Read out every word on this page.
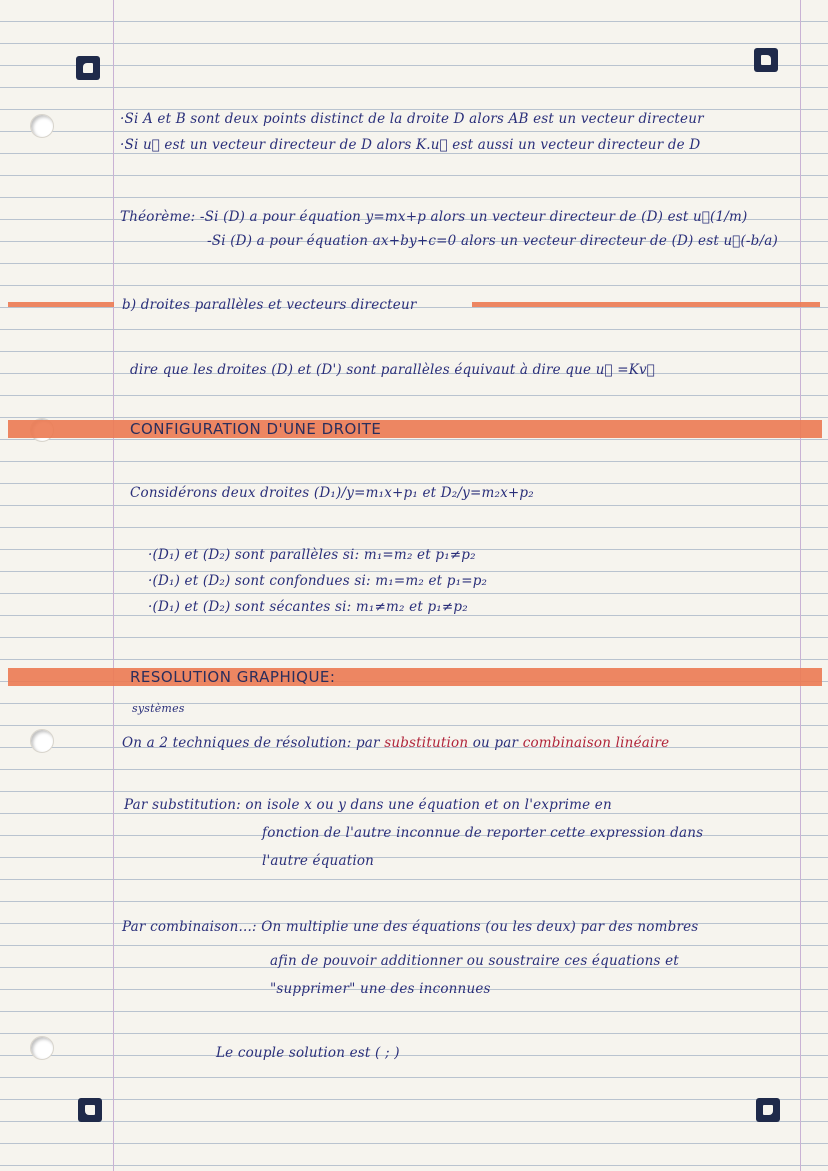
·Si A et B sont deux points distinct de la droite D alors AB est un vecteur directeur
·Si u⃗ est un vecteur directeur de D alors K.u⃗ est aussi un vecteur directeur de D
Théorème: -Si (D) a pour équation y=mx+p alors un vecteur directeur de (D) est u⃗(1/m)
-Si (D) a pour équation ax+by+c=0 alors un vecteur directeur de (D) est u⃗(-b/a)
b) droites parallèles et vecteurs directeur
dire que les droites (D) et (D') sont parallèles équivaut à dire que u⃗ =Kv⃗
CONFIGURATION D'UNE DROITE
Considérons deux droites (D₁)/y=m₁x+p₁ et D₂/y=m₂x+p₂
·(D₁) et (D₂) sont parallèles si: m₁=m₂ et p₁≠p₂
·(D₁) et (D₂) sont confondues si: m₁=m₂ et p₁=p₂
·(D₁) et (D₂) sont sécantes si: m₁≠m₂ et p₁≠p₂
RESOLUTION GRAPHIQUE:
systèmes
On a 2 techniques de résolution: par substitution ou par combinaison linéaire
Par substitution: on isole x ou y dans une équation et on l'exprime en
fonction de l'autre inconnue de reporter cette expression dans
l'autre équation
Par combinaison...: On multiplie une des équations (ou les deux) par des nombres
afin de pouvoir additionner ou soustraire ces équations et
"supprimer" une des inconnues
Le couple solution est ( ; )
